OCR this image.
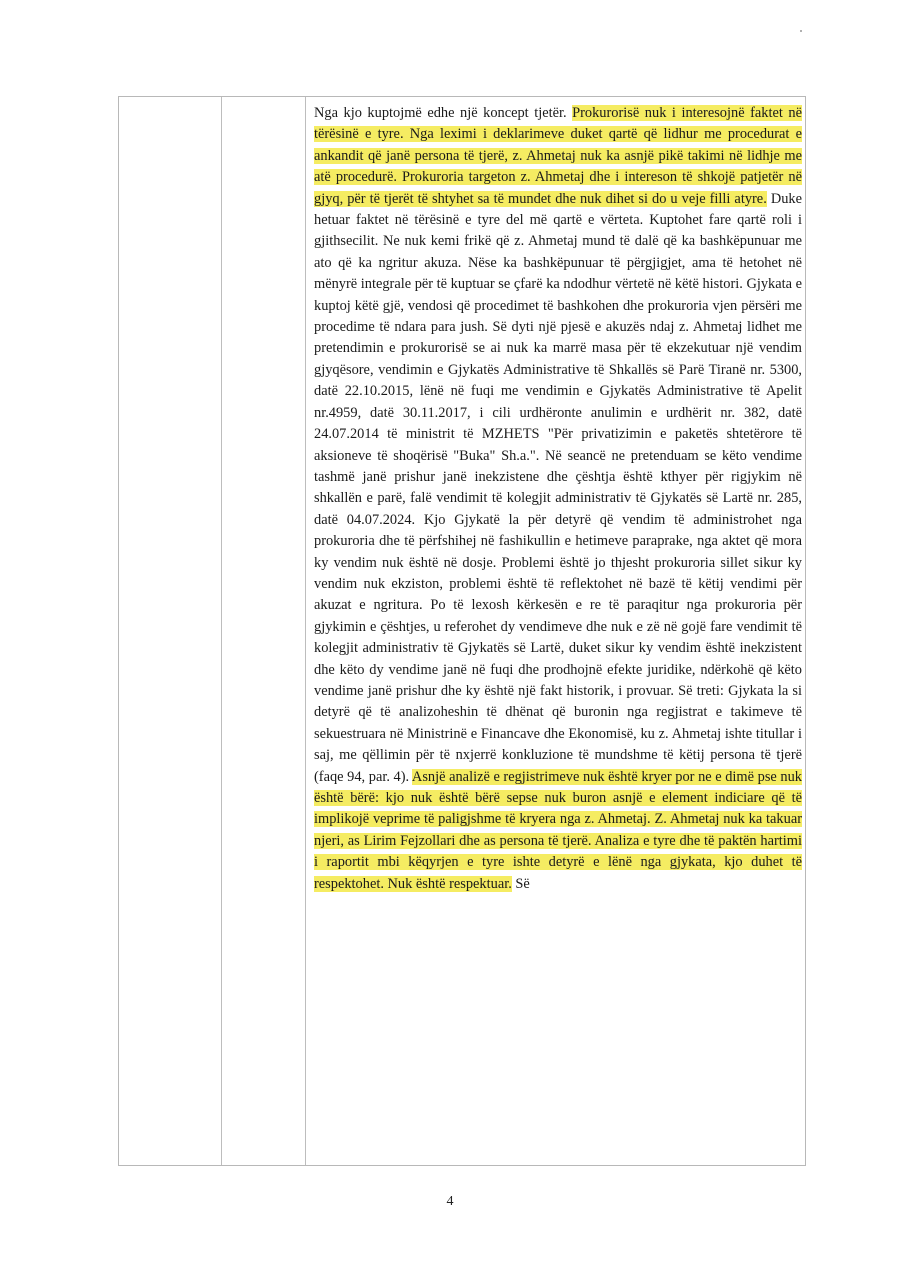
Nga kjo kuptojmë edhe një koncept tjetër. Prokurorisë nuk i interesojnë faktet në tërësinë e tyre. Nga leximi i deklarimeve duket qartë që lidhur me procedurat e ankandit që janë persona të tjerë, z. Ahmetaj nuk ka asnjë pikë takimi në lidhje me atë procedurë. Prokuroria targeton z. Ahmetaj dhe i intereson të shkojë patjetër në gjyq, për të tjerët të shtyhet sa të mundet dhe nuk dihet si do u veje filli atyre. Duke hetuar faktet në tërësinë e tyre del më qartë e vërteta. Kuptohet fare qartë roli i gjithsecilit. Ne nuk kemi frikë që z. Ahmetaj mund të dalë që ka bashkëpunuar me ato që ka ngritur akuza. Nëse ka bashkëpunuar të përgjigjet, ama të hetohet në mënyrë integrale për të kuptuar se çfarë ka ndodhur vërtetë në këtë histori. Gjykata e kuptoj këtë gjë, vendosi që procedimet të bashkohen dhe prokuroria vjen përsëri me procedime të ndara para jush. Së dyti një pjesë e akuzës ndaj z. Ahmetaj lidhet me pretendimin e prokurorisë se ai nuk ka marrë masa për të ekzekutuar një vendim gjyqësore, vendimin e Gjykatës Administrative të Shkallës së Parë Tiranë nr. 5300, datë 22.10.2015, lënë në fuqi me vendimin e Gjykatës Administrative të Apelit nr.4959, datë 30.11.2017, i cili urdhëronte anulimin e urdhërit nr. 382, datë 24.07.2014 të ministrit të MZHETS "Për privatizimin e paketës shtetërore të aksioneve të shoqërisë "Buka" Sh.a.". Në seancë ne pretenduam se këto vendime tashmë janë prishur janë inekzistene dhe çështja është kthyer për rigjykim në shkallën e parë, falë vendimit të kolegjit administrativ të Gjykatës së Lartë nr. 285, datë 04.07.2024. Kjo Gjykatë la për detyrë që vendim të administrohet nga prokuroria dhe të përfshihej në fashikullin e hetimeve paraprake, nga aktet që mora ky vendim nuk është në dosje. Problemi është jo thjesht prokuroria sillet sikur ky vendim nuk ekziston, problemi është të reflektohet në bazë të këtij vendimi për akuzat e ngritura. Po të lexosh kërkesën e re të paraqitur nga prokuroria për gjykimin e çështjes, u referohet dy vendimeve dhe nuk e zë në gojë fare vendimit të kolegjit administrativ të Gjykatës së Lartë, duket sikur ky vendim është inekzistent dhe këto dy vendime janë në fuqi dhe prodhojnë efekte juridike, ndërkohë që këto vendime janë prishur dhe ky është një fakt historik, i provuar. Së treti: Gjykata la si detyrë që të analizoheshin të dhënat që buronin nga regjistrat e takimeve të sekuestruara në Ministrinë e Financave dhe Ekonomisë, ku z. Ahmetaj ishte titullar i saj, me qëllimin për të nxjerrë konkluzione të mundshme të këtij persona të tjerë (faqe 94, par. 4). Asnjë analizë e regjistrimeve nuk është kryer por ne e dimë pse nuk është bërë: kjo nuk është bërë sepse nuk buron asnjë e element indiciare që të implikojë veprime të paligjshme të kryera nga z. Ahmetaj. Z. Ahmetaj nuk ka takuar njeri, as Lirim Fejzollari dhe as persona të tjerë. Analiza e tyre dhe të paktën hartimi i raportit mbi këqyrjen e tyre ishte detyrë e lënë nga gjykata, kjo duhet të respektohet. Nuk është respektuar. Së

4
